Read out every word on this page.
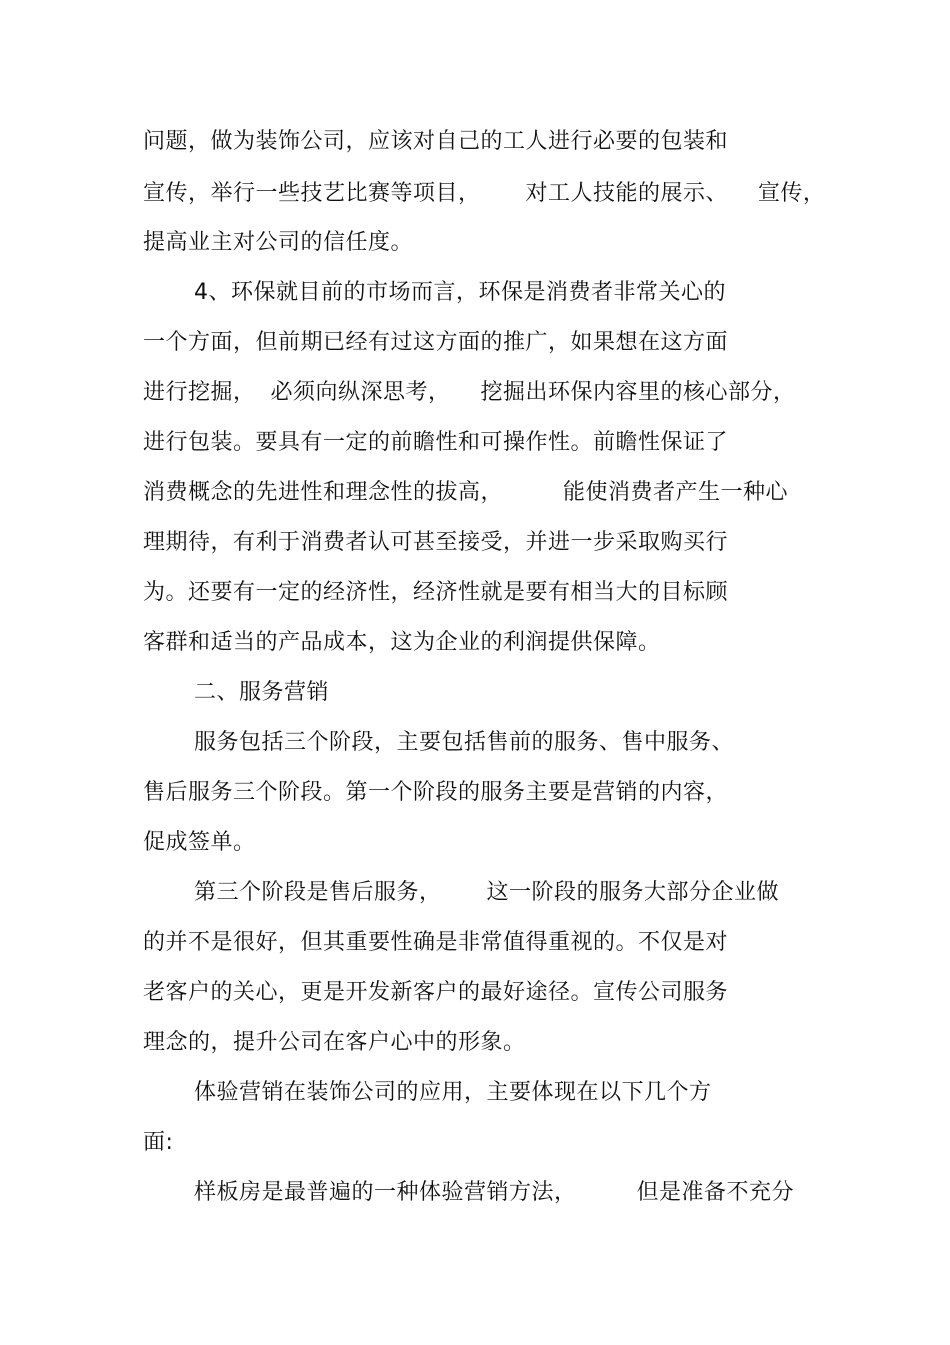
问题，做为装饰公司，应该对自己的工人进行必要的包装和
宣传，举行一些技艺比赛等项目，      对工人技能的展示、    宣传，
提高业主对公司的信任度。
4、环保就目前的市场而言，环保是消费者非常关心的
一个方面，但前期已经有过这方面的推广，如果想在这方面
进行挖掘，  必须向纵深思考，    挖掘出环保内容里的核心部分，
进行包装。要具有一定的前瞻性和可操作性。前瞻性保证了
消费概念的先进性和理念性的拔高，        能使消费者产生一种心
理期待，有利于消费者认可甚至接受，并进一步采取购买行
为。还要有一定的经济性，经济性就是要有相当大的目标顾
客群和适当的产品成本，这为企业的利润提供保障。
二、服务营销
服务包括三个阶段，主要包括售前的服务、售中服务、
售后服务三个阶段。第一个阶段的服务主要是营销的内容，
促成签单。
第三个阶段是售后服务，      这一阶段的服务大部分企业做
的并不是很好，但其重要性确是非常值得重视的。不仅是对
老客户的关心，更是开发新客户的最好途径。宣传公司服务
理念的，提升公司在客户心中的形象。
体验营销在装饰公司的应用，主要体现在以下几个方
面:
样板房是最普遍的一种体验营销方法，        但是准备不充分
